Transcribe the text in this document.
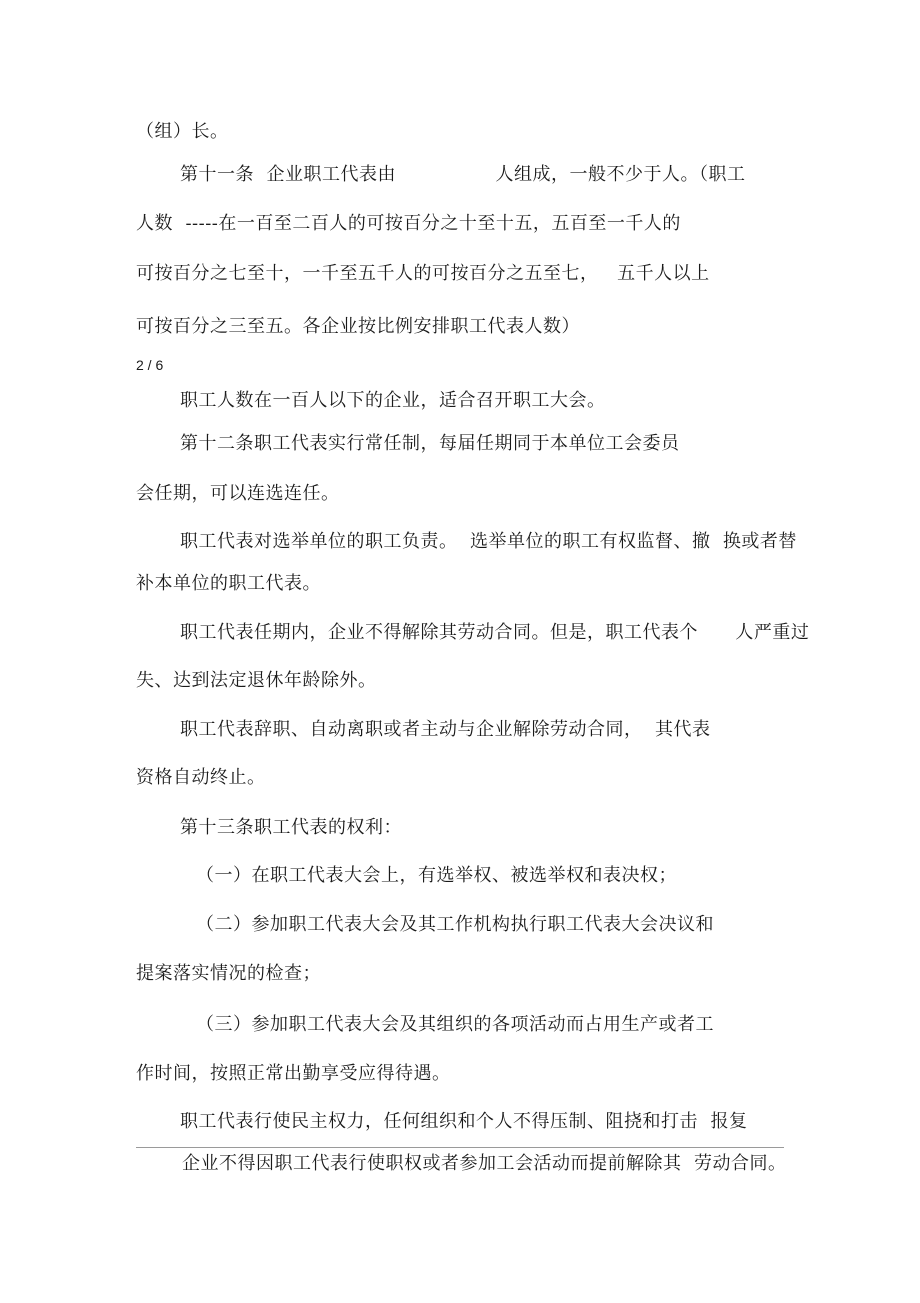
（组）长。
第十一条  企业职工代表由                人组成，一般不少于人。（职工
人数  -----在一百至二百人的可按百分之十至十五，五百至一千人的
可按百分之七至十，一千至五千人的可按百分之五至七，   五千人以上
可按百分之三至五。各企业按比例安排职工代表人数）
2 / 6
职工人数在一百人以下的企业，适合召开职工大会。
第十二条职工代表实行常任制，每届任期同于本单位工会委员
会任期，可以连选连任。
职工代表对选举单位的职工负责。  选举单位的职工有权监督、撤  换或者替
补本单位的职工代表。
职工代表任期内，企业不得解除其劳动合同。但是，职工代表个      人严重过
失、达到法定退休年龄除外。
职工代表辞职、自动离职或者主动与企业解除劳动合同，  其代表
资格自动终止。
第十三条职工代表的权利：
（一）在职工代表大会上，有选举权、被选举权和表决权；
（二）参加职工代表大会及其工作机构执行职工代表大会决议和
提案落实情况的检查；
（三）参加职工代表大会及其组织的各项活动而占用生产或者工
作时间，按照正常出勤享受应得待遇。
职工代表行使民主权力，任何组织和个人不得压制、阻挠和打击  报复
企业不得因职工代表行使职权或者参加工会活动而提前解除其  劳动合同。
